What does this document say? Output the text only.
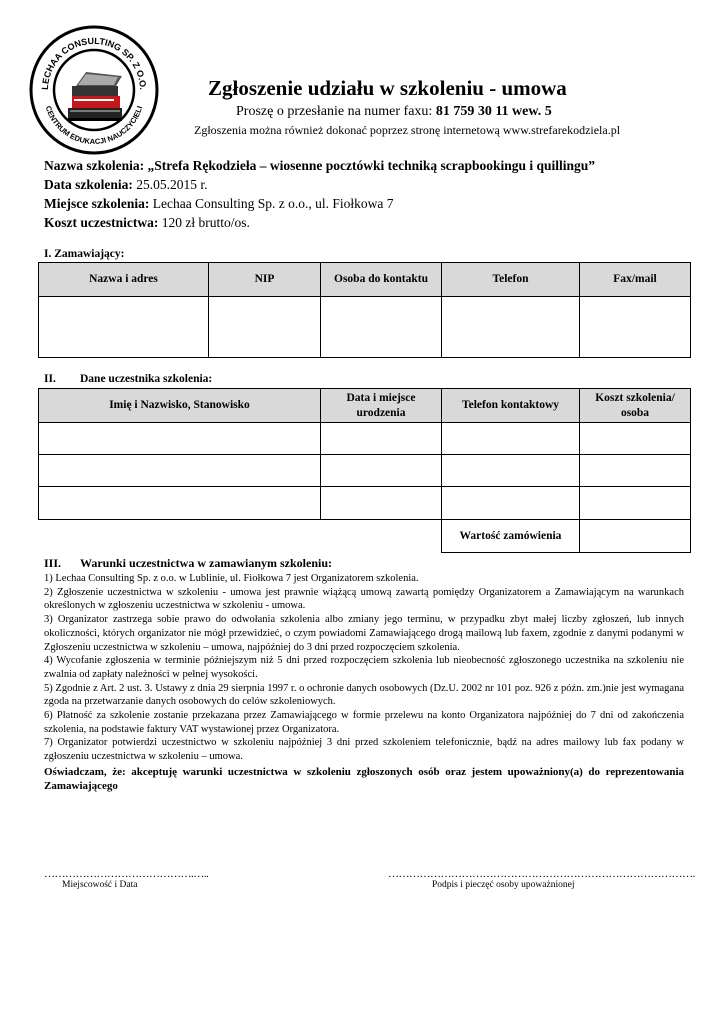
LECHAA CONSULTING SP. Z O.O.
CENTRUM EDUKACJI NAUCZYCIELI
Zgłoszenie udziału w szkoleniu - umowa
Proszę o przesłanie na numer faxu: 81 759 30 11 wew. 5
Zgłoszenia można również dokonać poprzez stronę internetową www.strefarekodziela.pl
Nazwa szkolenia: „Strefa Rękodzieła – wiosenne pocztówki techniką scrapbookingu i quillingu”
Data szkolenia: 25.05.2015 r.
Miejsce szkolenia: Lechaa Consulting Sp. z o.o., ul. Fiołkowa 7
Koszt uczestnictwa: 120 zł brutto/os.
I. Zamawiający:
Nazwa i adres	NIP	Osoba do kontaktu	Telefon	Fax/mail

II. Dane uczestnika szkolenia:
Imię i Nazwisko, Stanowisko	Data i miejsce urodzenia	Telefon kontaktowy	Koszt szkolenia/ osoba

		Wartość zamówienia	
III. Warunki uczestnictwa w zamawianym szkoleniu:

1) Lechaa Consulting Sp. z o.o. w Lublinie, ul. Fiołkowa 7 jest Organizatorem szkolenia.

2) Zgłoszenie uczestnictwa w szkoleniu - umowa jest prawnie wiążącą umową zawartą pomiędzy Organizatorem a Zamawiającym na warunkach określonych w zgłoszeniu uczestnictwa w szkoleniu - umowa.

3) Organizator zastrzega sobie prawo do odwołania szkolenia albo zmiany jego terminu, w przypadku zbyt małej liczby zgłoszeń, lub innych okoliczności, których organizator nie mógł przewidzieć, o czym powiadomi Zamawiającego drogą mailową lub faxem, zgodnie z danymi podanymi w Zgłoszeniu uczestnictwa w szkoleniu – umowa, najpóźniej do 3 dni przed rozpoczęciem szkolenia.

4) Wycofanie zgłoszenia w terminie późniejszym niż 5 dni przed rozpoczęciem szkolenia lub nieobecność zgłoszonego uczestnika na szkoleniu nie zwalnia od zapłaty należności w pełnej wysokości.

5) Zgodnie z Art. 2 ust. 3. Ustawy z dnia 29 sierpnia 1997 r. o ochronie danych osobowych (Dz.U. 2002 nr 101 poz. 926 z późn. zm.)nie jest wymagana zgoda na przetwarzanie danych osobowych do celów szkoleniowych.

6) Płatność za szkolenie zostanie przekazana przez Zamawiającego w formie przelewu na konto Organizatora najpóźniej do 7 dni od zakończenia szkolenia, na podstawie faktury VAT wystawionej przez Organizatora.

7) Organizator potwierdzi uczestnictwo w szkoleniu najpóźniej 3 dni przed szkoleniem telefonicznie, bądź na adres mailowy lub fax podany w zgłoszeniu uczestnictwa w szkoleniu – umowa.

Oświadczam, że: akceptuję warunki uczestnictwa w szkoleniu zgłoszonych osób oraz jestem upoważniony(a) do reprezentowania Zamawiającego
…………………………………….…..
Miejscowość i Data
…………………………………………………………………………….
Podpis i pieczęć osoby upoważnionej
